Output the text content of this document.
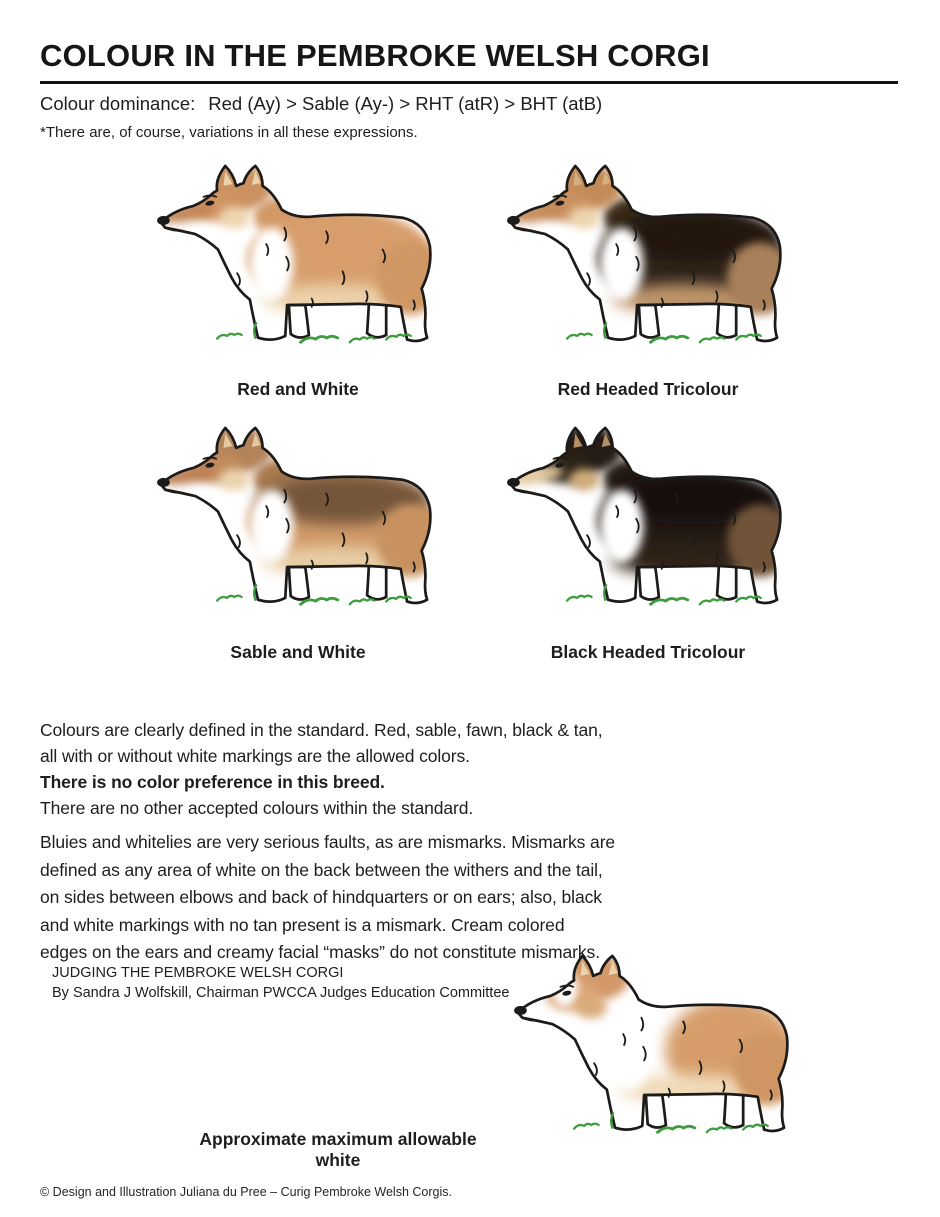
COLOUR IN THE PEMBROKE WELSH CORGI

Colour dominance: Red (Ay) > Sable (Ay-) > RHT (atR) > BHT (atB)

*There are, of course, variations in all these expressions.

Red and White	Red Headed Tricolour
Sable and White	Black Headed Tricolour
Colours are clearly defined in the standard. Red, sable, fawn, black & tan,
all with or without white markings are the allowed colors.
There is no color preference in this breed.
There are no other accepted colours within the standard.
Bluies and whitelies are very serious faults, as are mismarks. Mismarks are
defined as any area of white on the back between the withers and the tail,
on sides between elbows and back of hindquarters or on ears; also, black
and white markings with no tan present is a mismark. Cream colored
edges on the ears and creamy facial “masks” do not constitute mismarks.
JUDGING THE PEMBROKE WELSH CORGI
By Sandra J Wolfskill, Chairman PWCCA Judges Education Committee
Approximate maximum allowable white
© Design and Illustration Juliana du Pree – Curig Pembroke Welsh Corgis.
